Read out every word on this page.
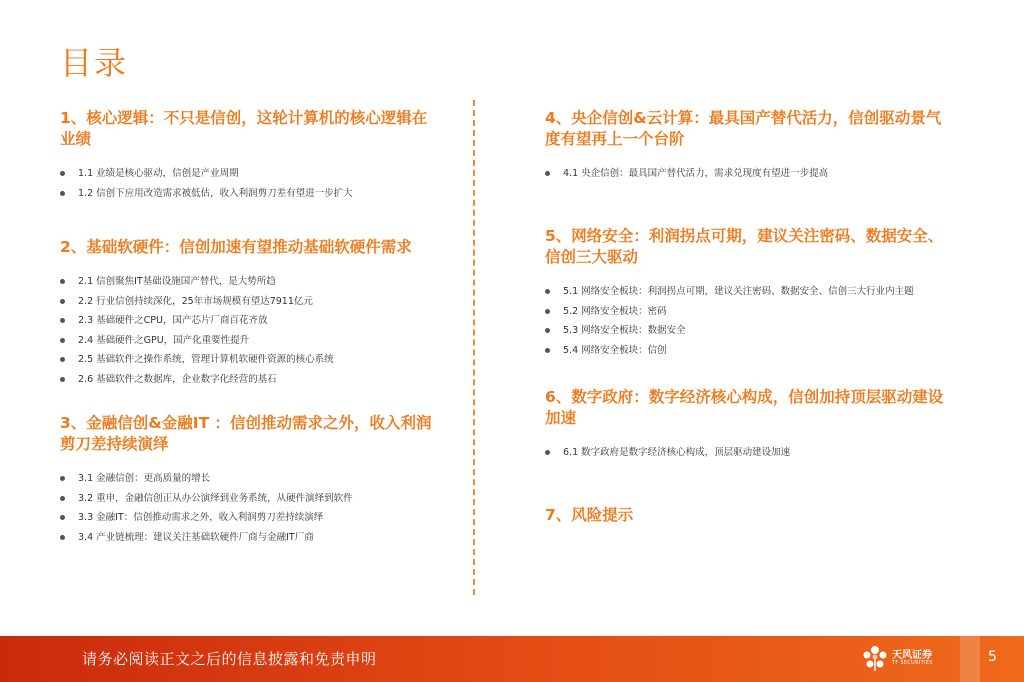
目录
1、核心逻辑：不只是信创，这轮计算机的核心逻辑在业绩
1.1 业绩是核心驱动，信创是产业周期
1.2 信创下应用改造需求被低估，收入利润剪刀差有望进一步扩大
2、基础软硬件：信创加速有望推动基础软硬件需求
2.1 信创聚焦IT基础设施国产替代，是大势所趋
2.2 行业信创持续深化，25年市场规模有望达7911亿元
2.3 基础硬件之CPU，国产芯片厂商百花齐放
2.4 基础硬件之GPU，国产化重要性提升
2.5 基础软件之操作系统，管理计算机软硬件资源的核心系统
2.6 基础软件之数据库，企业数字化经营的基石
3、金融信创&金融IT ：信创推动需求之外，收入利润剪刀差持续演绎
3.1 金融信创：更高质量的增长
3.2 重申，金融信创正从办公演绎到业务系统，从硬件演绎到软件
3.3 金融IT：信创推动需求之外，收入利润剪刀差持续演绎
3.4 产业链梳理：建议关注基础软硬件厂商与金融IT厂商
4、央企信创&云计算：最具国产替代活力，信创驱动景气度有望再上一个台阶
4.1 央企信创：最具国产替代活力，需求兑现度有望进一步提高
5、网络安全：利润拐点可期，建议关注密码、数据安全、信创三大驱动
5.1 网络安全板块：利润拐点可期，建议关注密码、数据安全、信创三大行业内主题
5.2 网络安全板块：密码
5.3 网络安全板块：数据安全
5.4 网络安全板块：信创
6、数字政府：数字经济核心构成，信创加持顶层驱动建设加速
6.1 数字政府是数字经济核心构成，顶层驱动建设加速
7、风险提示
请务必阅读正文之后的信息披露和免责申明	天风证券
TF SECURITIES	5
